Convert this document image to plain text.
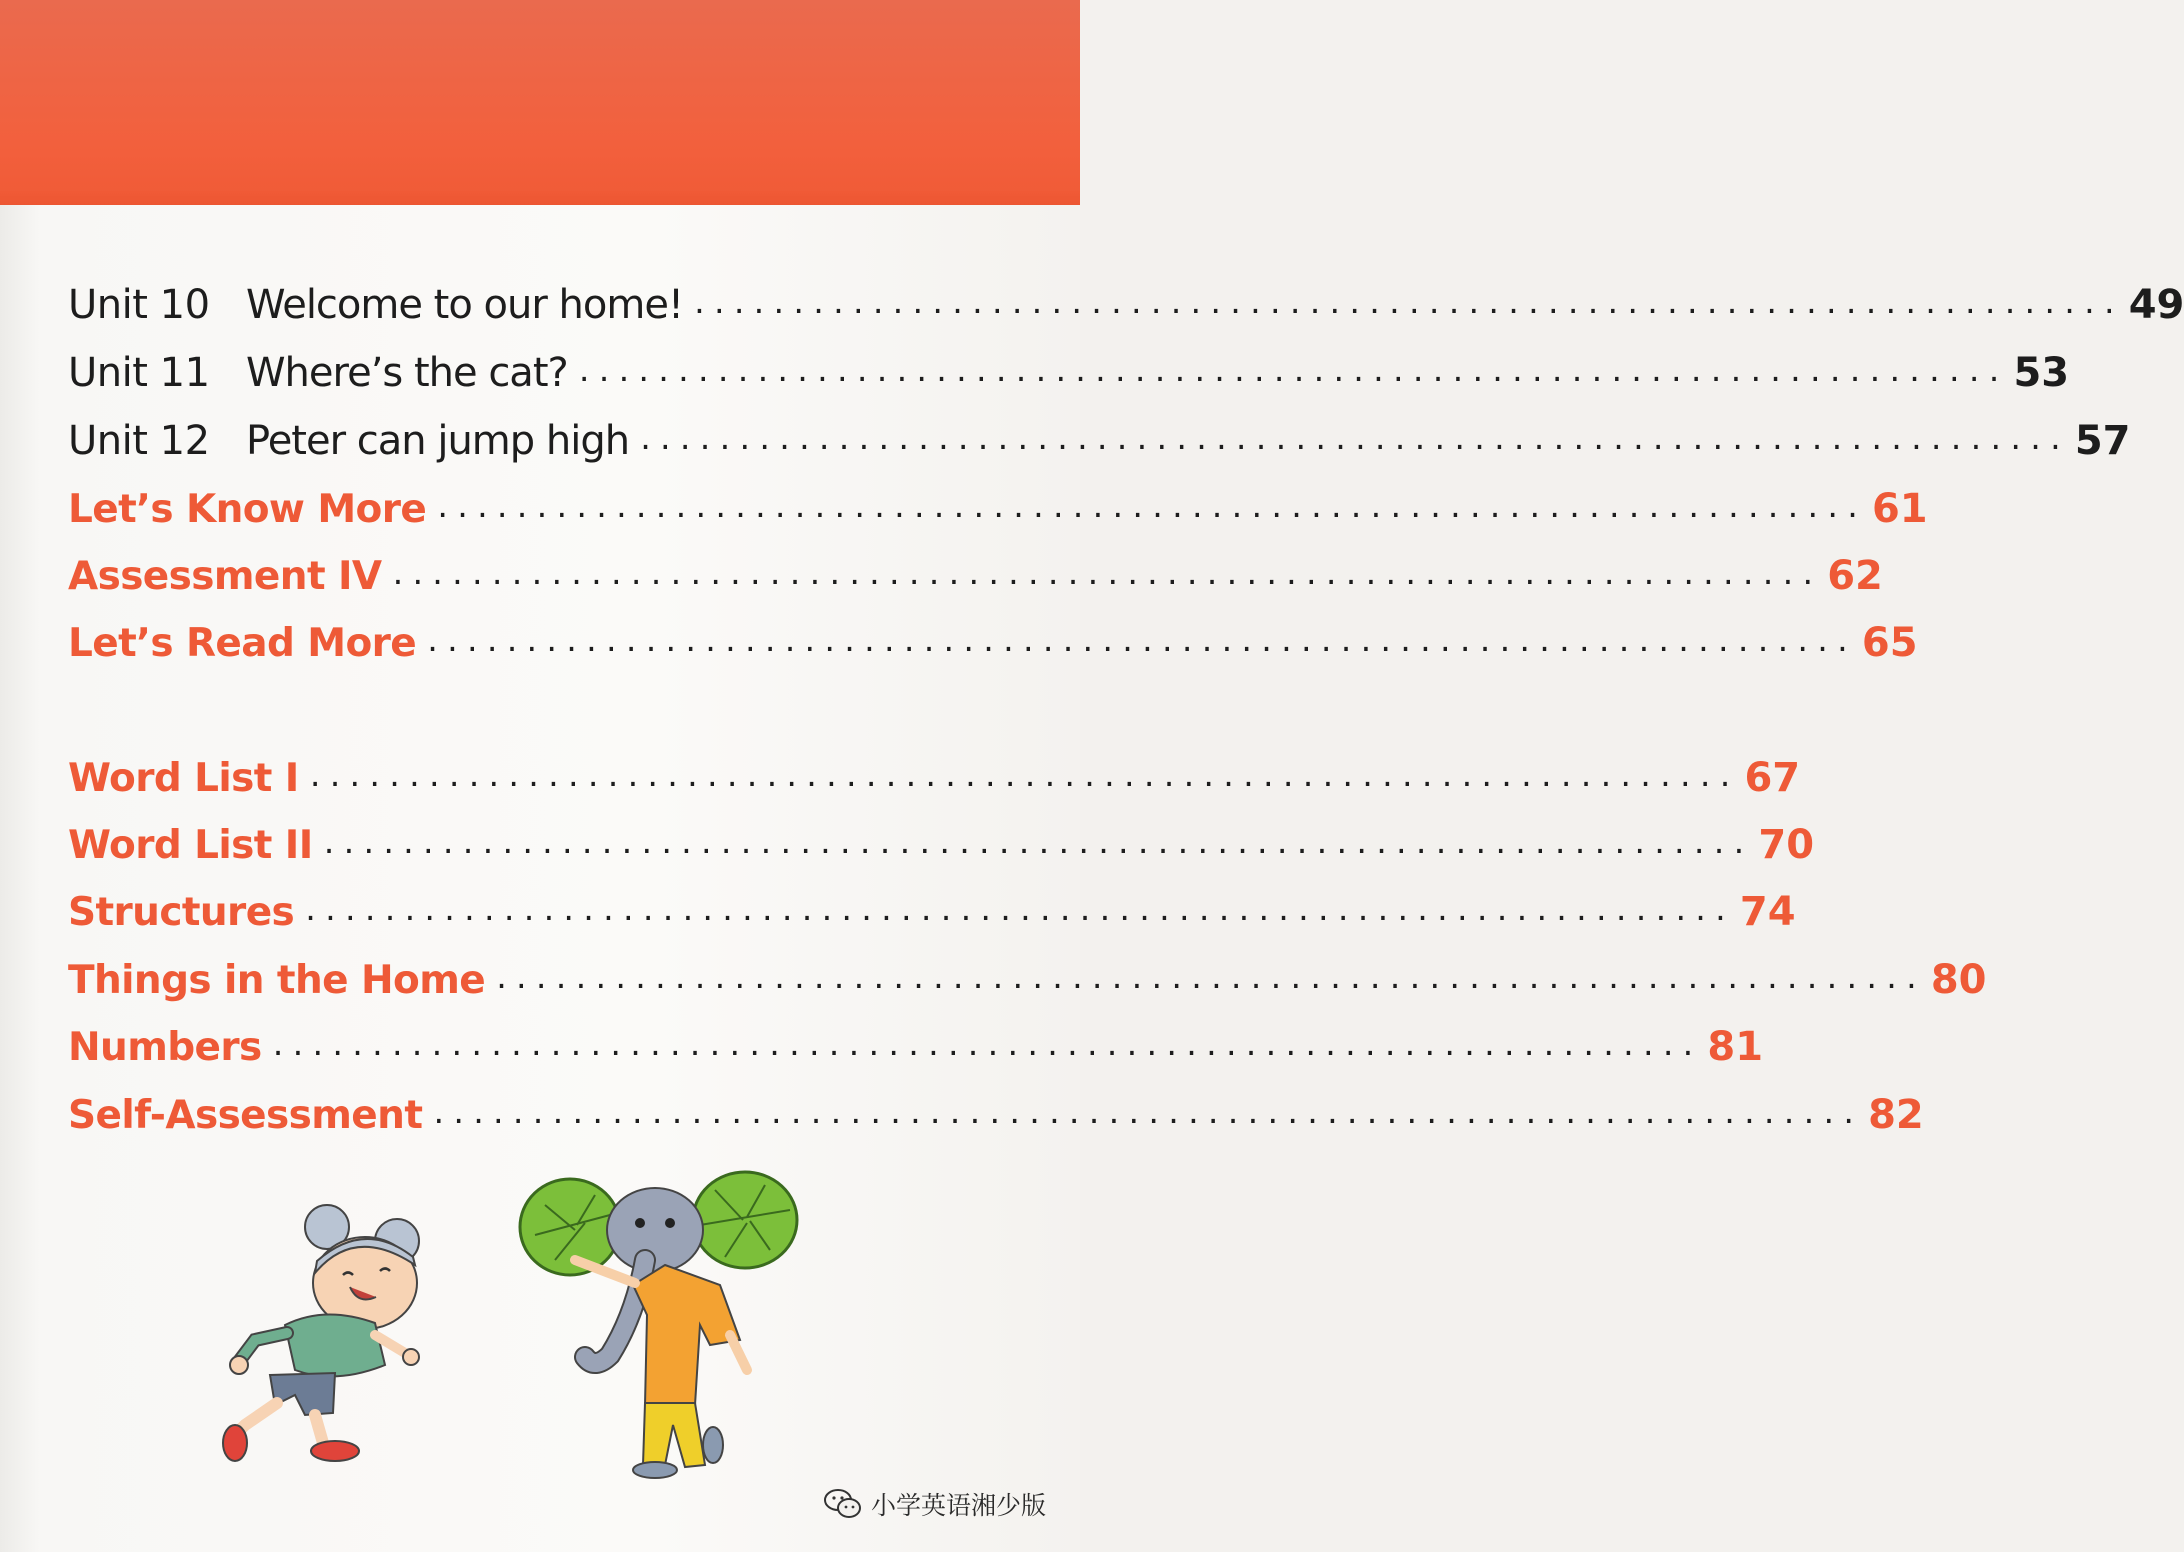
Unit 10 Welcome to our home! ........................................................................ 49
Unit 11 Where’s the cat? ........................................................................ 53
Unit 12 Peter can jump high ........................................................................ 57
Let’s Know More ........................................................................ 61
Assessment IV ........................................................................ 62
Let’s Read More ........................................................................ 65
Word List I ........................................................................ 67
Word List II ........................................................................ 70
Structures ........................................................................ 74
Things in the Home ........................................................................ 80
Numbers ........................................................................ 81
Self-Assessment ........................................................................ 82
小学英语湘少版
